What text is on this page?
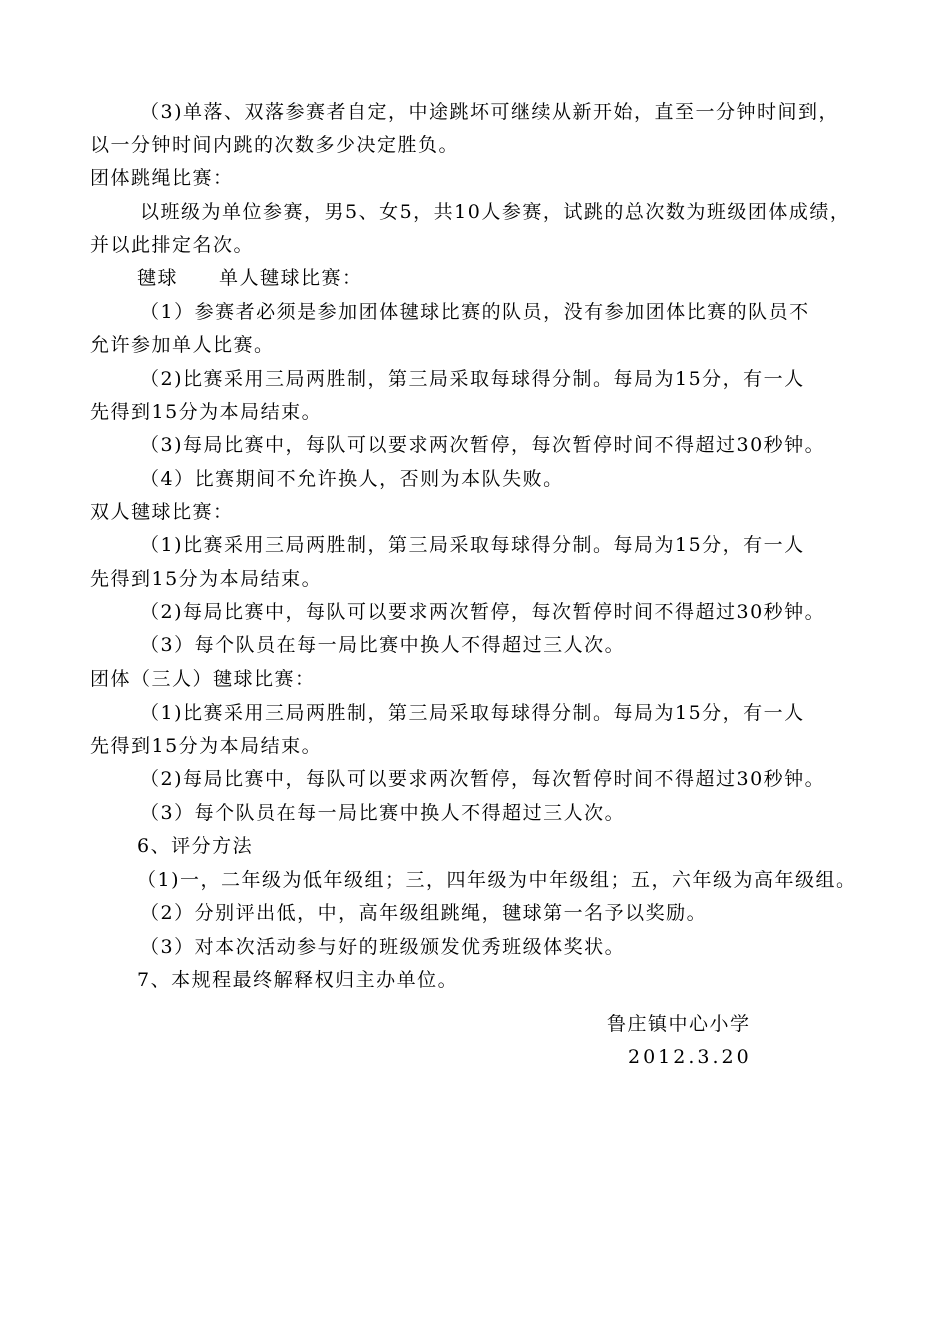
（3)单落、双落参赛者自定，中途跳坏可继续从新开始，直至一分钟时间到，
以一分钟时间内跳的次数多少决定胜负。
团体跳绳比赛：
以班级为单位参赛，男5、女5，共10人参赛，试跳的总次数为班级团体成绩，
并以此排定名次。
毽球　　单人毽球比赛：
（1）参赛者必须是参加团体毽球比赛的队员，没有参加团体比赛的队员不
允许参加单人比赛。
（2)比赛采用三局两胜制，第三局采取每球得分制。每局为15分，有一人
先得到15分为本局结束。
（3)每局比赛中，每队可以要求两次暂停，每次暂停时间不得超过30秒钟。
（4）比赛期间不允许换人，否则为本队失败。
双人毽球比赛：
（1)比赛采用三局两胜制，第三局采取每球得分制。每局为15分，有一人
先得到15分为本局结束。
（2)每局比赛中，每队可以要求两次暂停，每次暂停时间不得超过30秒钟。
（3）每个队员在每一局比赛中换人不得超过三人次。
团体（三人）毽球比赛：
（1)比赛采用三局两胜制，第三局采取每球得分制。每局为15分，有一人
先得到15分为本局结束。
（2)每局比赛中，每队可以要求两次暂停，每次暂停时间不得超过30秒钟。
（3）每个队员在每一局比赛中换人不得超过三人次。
6、评分方法
（1)一，二年级为低年级组；三，四年级为中年级组；五，六年级为高年级组。
（2）分别评出低，中，高年级组跳绳，毽球第一名予以奖励。
（3）对本次活动参与好的班级颁发优秀班级体奖状。
7、本规程最终解释权归主办单位。
鲁庄镇中心小学
2012.3.20
